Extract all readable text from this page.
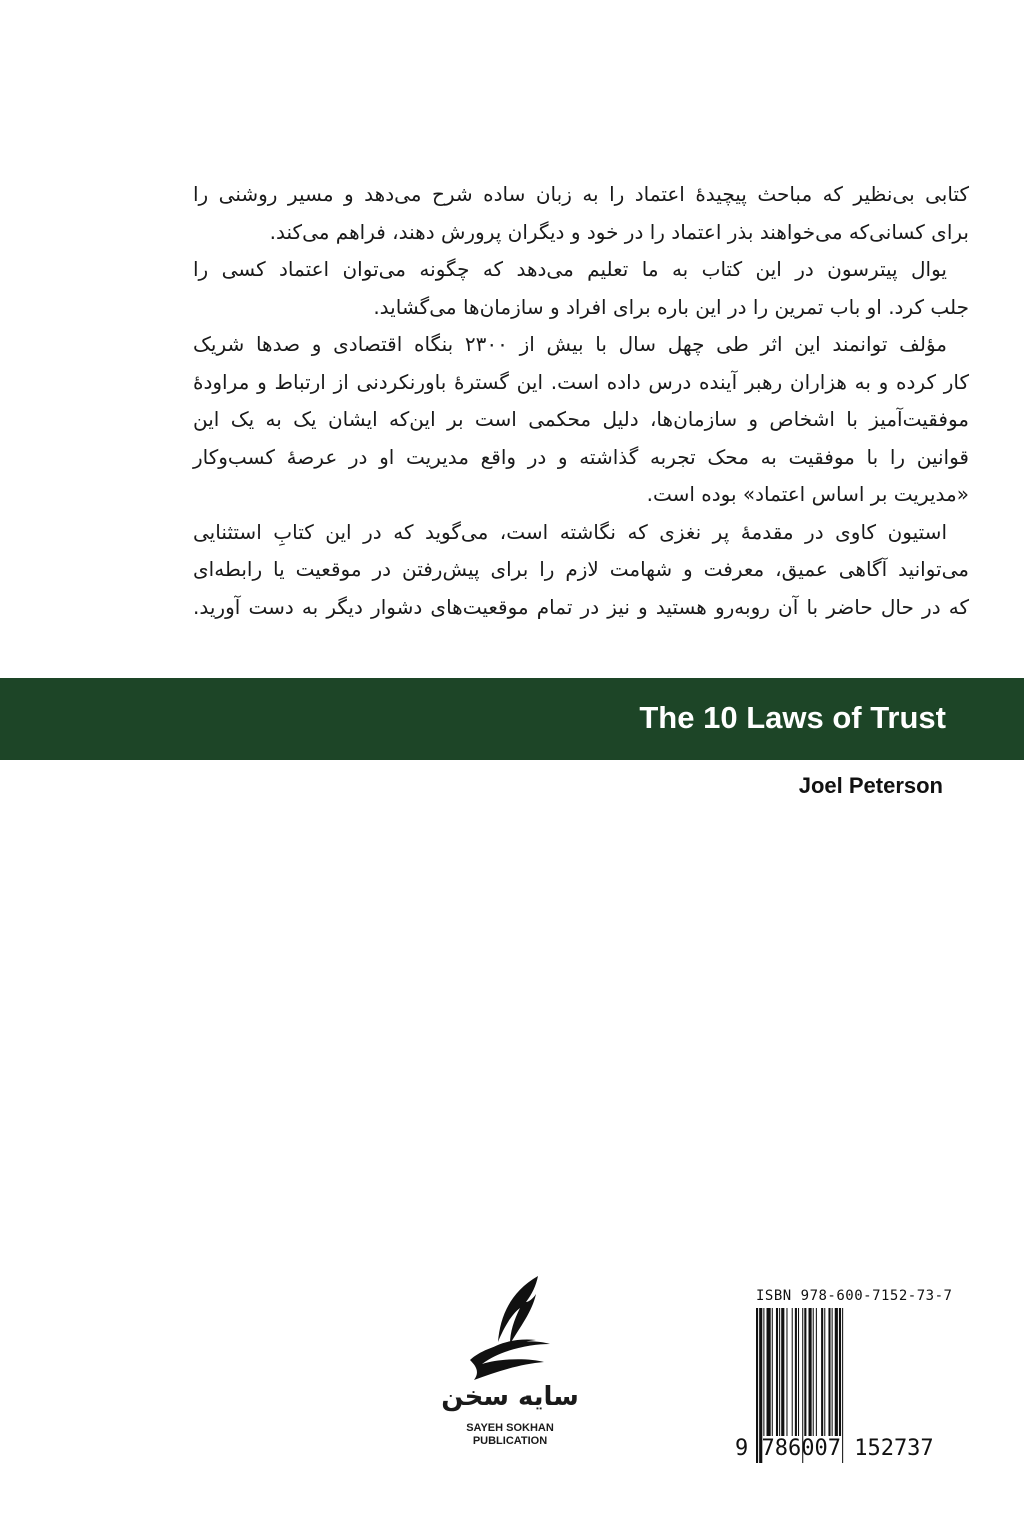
کتابی بی‌نظیر که مباحث پیچیدهٔ اعتماد را به زبان ساده شرح می‌دهد و مسیر روشنی را
برای کسانی‌که می‌خواهند بذر اعتماد را در خود و دیگران پرورش دهند، فراهم می‌کند.
یوال پیترسون در این کتاب به ما تعلیم می‌دهد که چگونه می‌توان اعتماد کسی را
جلب کرد. او باب تمرین را در این باره برای افراد و سازمان‌ها می‌گشاید.
مؤلف توانمند این اثر طی چهل سال با بیش از ۲۳۰۰ بنگاه اقتصادی و صدها شریک
کار کرده و به هزاران رهبر آینده درس داده است. این گسترهٔ باورنکردنی از ارتباط و مراودهٔ
موفقیت‌آمیز با اشخاص و سازمان‌ها، دلیل محکمی است بر این‌که ایشان یک به یک این
قوانین را با موفقیت به محک تجربه گذاشته و در واقع مدیریت او در عرصهٔ کسب‌وکار
«مدیریت بر اساس اعتماد» بوده است.
استیون کاوی در مقدمهٔ پر نغزی که نگاشته است، می‌گوید که در این کتابِ استثنایی
می‌توانید آگاهی عمیق، معرفت و شهامت لازم را برای پیش‌رفتن در موقعیت یا رابطه‌ای
که در حال حاضر با آن روبه‌رو هستید و نیز در تمام موقعیت‌های دشوار دیگر به دست آورید.
The 10 Laws of Trust
Joel Peterson
سایه سخن
SAYEH SOKHAN
PUBLICATION
ISBN 978-600-7152-73-7
9 786007 152737
